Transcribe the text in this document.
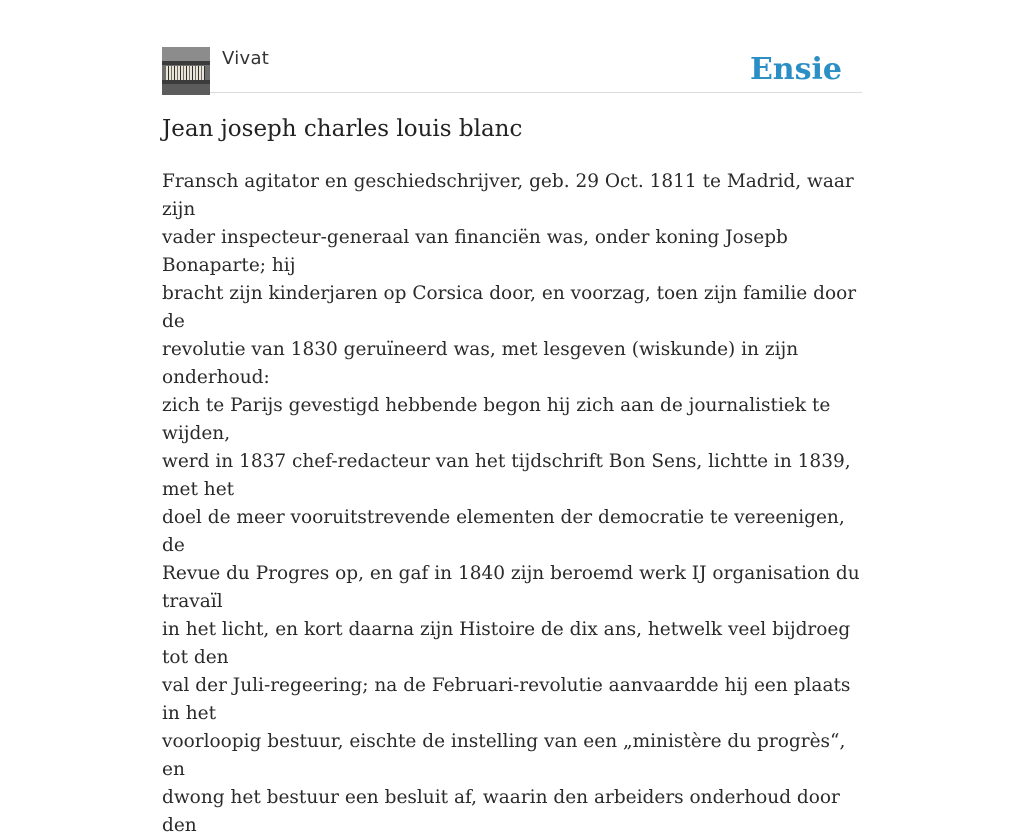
Vivat	Ensie
Jean joseph charles louis blanc

Fransch agitator en geschiedschrijver, geb. 29 Oct. 1811 te Madrid, waar zijn
vader inspecteur-generaal van financiën was, onder koning Josepb Bonaparte; hij
bracht zijn kinderjaren op Corsica door, en voorzag, toen zijn familie door de
revolutie van 1830 geruïneerd was, met lesgeven (wiskunde) in zijn onderhoud:
zich te Parijs gevestigd hebbende begon hij zich aan de journalistiek te wijden,
werd in 1837 chef-redacteur van het tijdschrift Bon Sens, lichtte in 1839, met het
doel de meer vooruitstrevende elementen der democratie te vereenigen, de
Revue du Progres op, en gaf in 1840 zijn beroemd werk IJ organisation du travaïl
in het licht, en kort daarna zijn Histoire de dix ans, hetwelk veel bijdroeg tot den
val der Juli-regeering; na de Februari-revolutie aanvaardde hij een plaats in het
voorloopig bestuur, eischte de instelling van een „ministère du progrès“, en
dwong het bestuur een besluit af, waarin den arbeiders onderhoud door den
